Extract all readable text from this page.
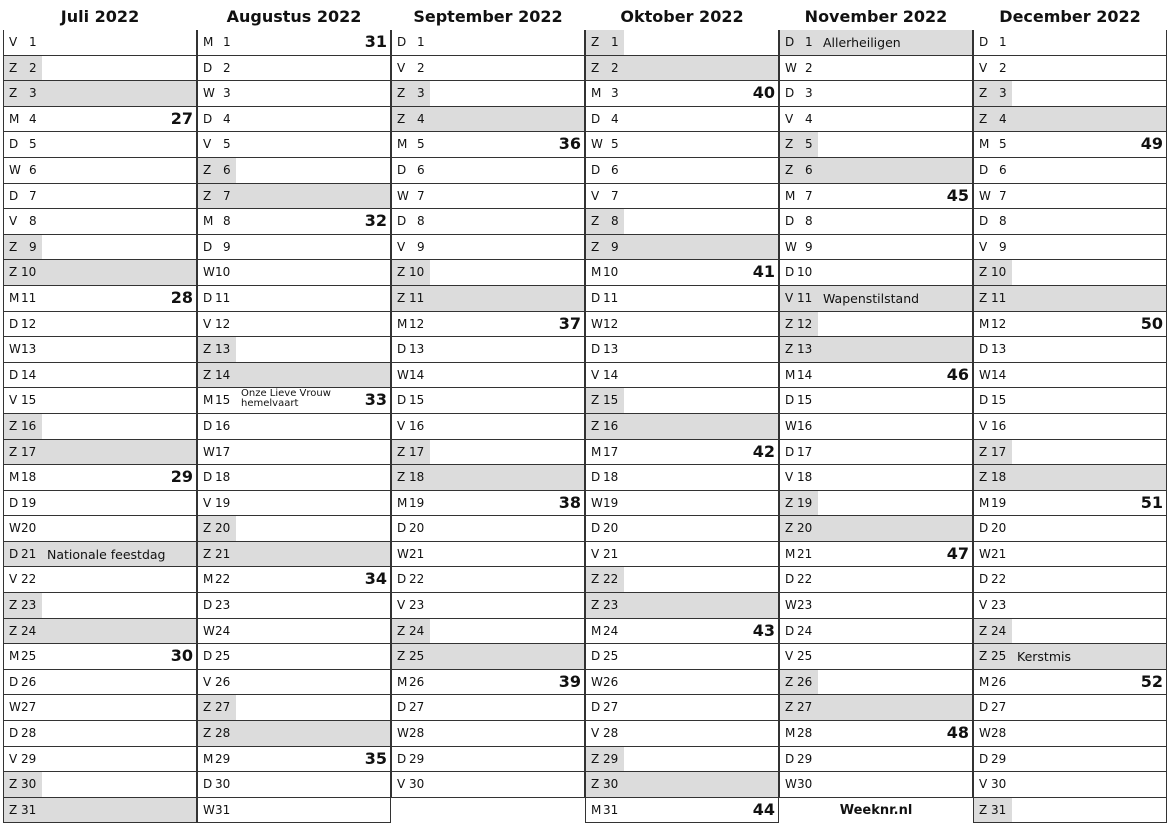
Juli 2022
V 1
Z 2
Z 3
M 4	27
D 5
W 6
D 7
V 8
Z 9
Z 10
M 11	28
D 12
W 13
D 14
V 15
Z 16
Z 17
M 18	29
D 19
W 20
D 21 Nationale feestdag
V 22
Z 23
Z 24
M 25	30
D 26
W 27
D 28
V 29
Z 30
Z 31
Augustus 2022
M 1	31
D 2
W 3
D 4
V 5
Z 6
Z 7
M 8	32
D 9
W 10
D 11
V 12
Z 13
Z 14
M 15 Onze Lieve Vrouw hemelvaart	33
D 16
W 17
D 18
V 19
Z 20
Z 21
M 22	34
D 23
W 24
D 25
V 26
Z 27
Z 28
M 29	35
D 30
W 31
September 2022
D 1
V 2
Z 3
Z 4
M 5	36
D 6
W 7
D 8
V 9
Z 10
Z 11
M 12	37
D 13
W 14
D 15
V 16
Z 17
Z 18
M 19	38
D 20
W 21
D 22
V 23
Z 24
Z 25
M 26	39
D 27
W 28
D 29
V 30
Oktober 2022
Z 1
Z 2
M 3	40
D 4
W 5
D 6
V 7
Z 8
Z 9
M 10	41
D 11
W 12
D 13
V 14
Z 15
Z 16
M 17	42
D 18
W 19
D 20
V 21
Z 22
Z 23
M 24	43
D 25
W 26
D 27
V 28
Z 29
Z 30
M 31	44
November 2022
D 1 Allerheiligen
W 2
D 3
V 4
Z 5
Z 6
M 7	45
D 8
W 9
D 10
V 11 Wapenstilstand
Z 12
Z 13
M 14	46
D 15
W 16
D 17
V 18
Z 19
Z 20
M 21	47
D 22
W 23
D 24
V 25
Z 26
Z 27
M 28	48
D 29
W 30
Weeknr.nl
December 2022
D 1
V 2
Z 3
Z 4
M 5	49
D 6
W 7
D 8
V 9
Z 10
Z 11
M 12	50
D 13
W 14
D 15
V 16
Z 17
Z 18
M 19	51
D 20
W 21
D 22
V 23
Z 24
Z 25 Kerstmis
M 26	52
D 27
W 28
D 29
V 30
Z 31
